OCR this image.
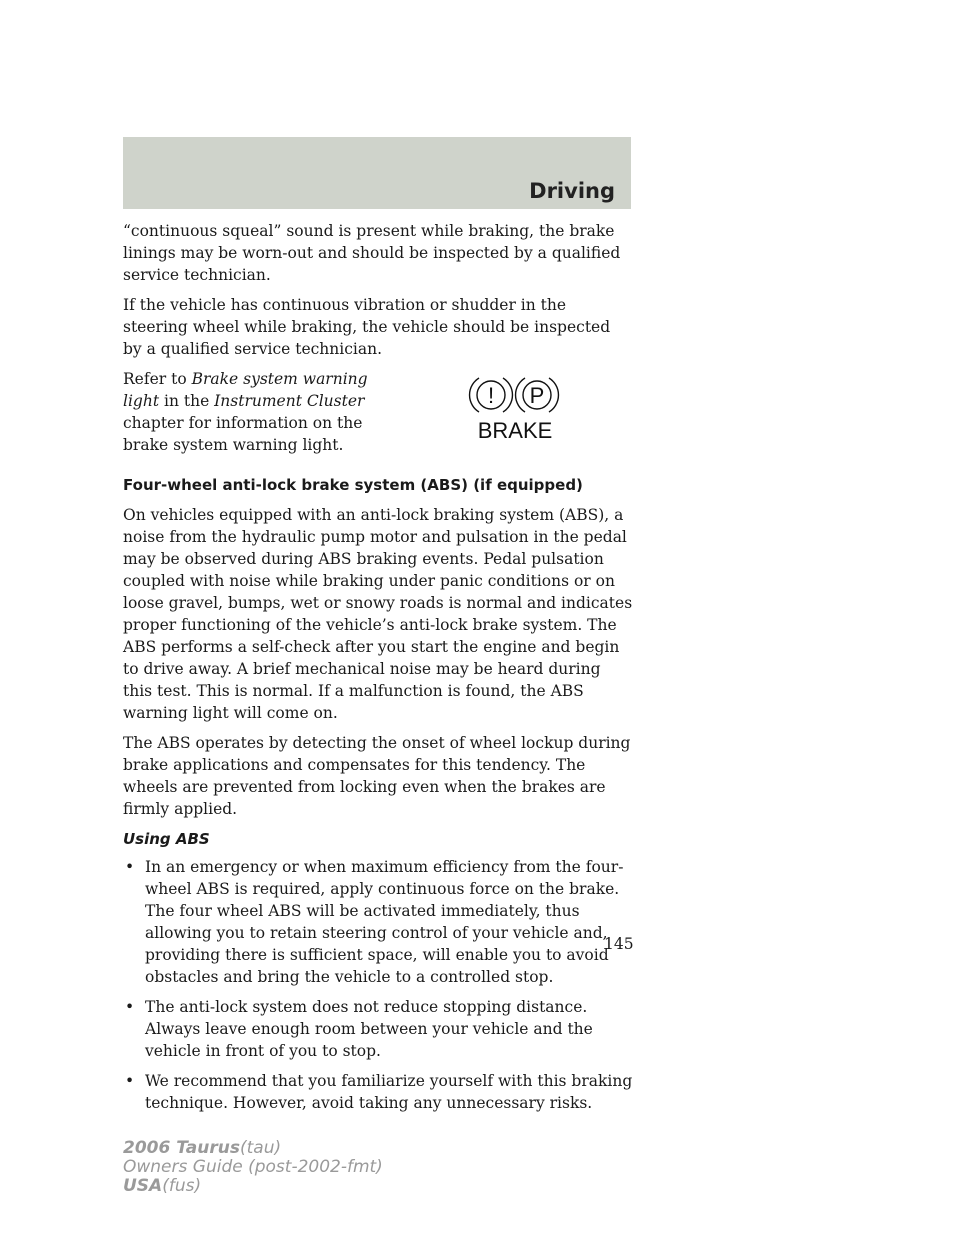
Driving

“continuous squeal” sound is present while braking, the brake linings may be worn-out and should be inspected by a qualified service technician.

If the vehicle has continuous vibration or shudder in the steering wheel while braking, the vehicle should be inspected by a qualified service technician.

Refer to Brake system warning light in the Instrument Cluster chapter for information on the brake system warning light.

! P
BRAKE
Four-wheel anti-lock brake system (ABS) (if equipped)

On vehicles equipped with an anti-lock braking system (ABS), a noise from the hydraulic pump motor and pulsation in the pedal may be observed during ABS braking events. Pedal pulsation coupled with noise while braking under panic conditions or on loose gravel, bumps, wet or snowy roads is normal and indicates proper functioning of the vehicle’s anti-lock brake system. The ABS performs a self-check after you start the engine and begin to drive away. A brief mechanical noise may be heard during this test. This is normal. If a malfunction is found, the ABS warning light will come on.

The ABS operates by detecting the onset of wheel lockup during brake applications and compensates for this tendency. The wheels are prevented from locking even when the brakes are firmly applied.

Using ABS
• In an emergency or when maximum efficiency from the four-wheel ABS is required, apply continuous force on the brake. The four wheel ABS will be activated immediately, thus allowing you to retain steering control of your vehicle and, providing there is sufficient space, will enable you to avoid obstacles and bring the vehicle to a controlled stop.
• The anti-lock system does not reduce stopping distance. Always leave enough room between your vehicle and the vehicle in front of you to stop.
• We recommend that you familiarize yourself with this braking technique. However, avoid taking any unnecessary risks.
145
2006 Taurus(tau)
Owners Guide (post-2002-fmt)
USA(fus)
